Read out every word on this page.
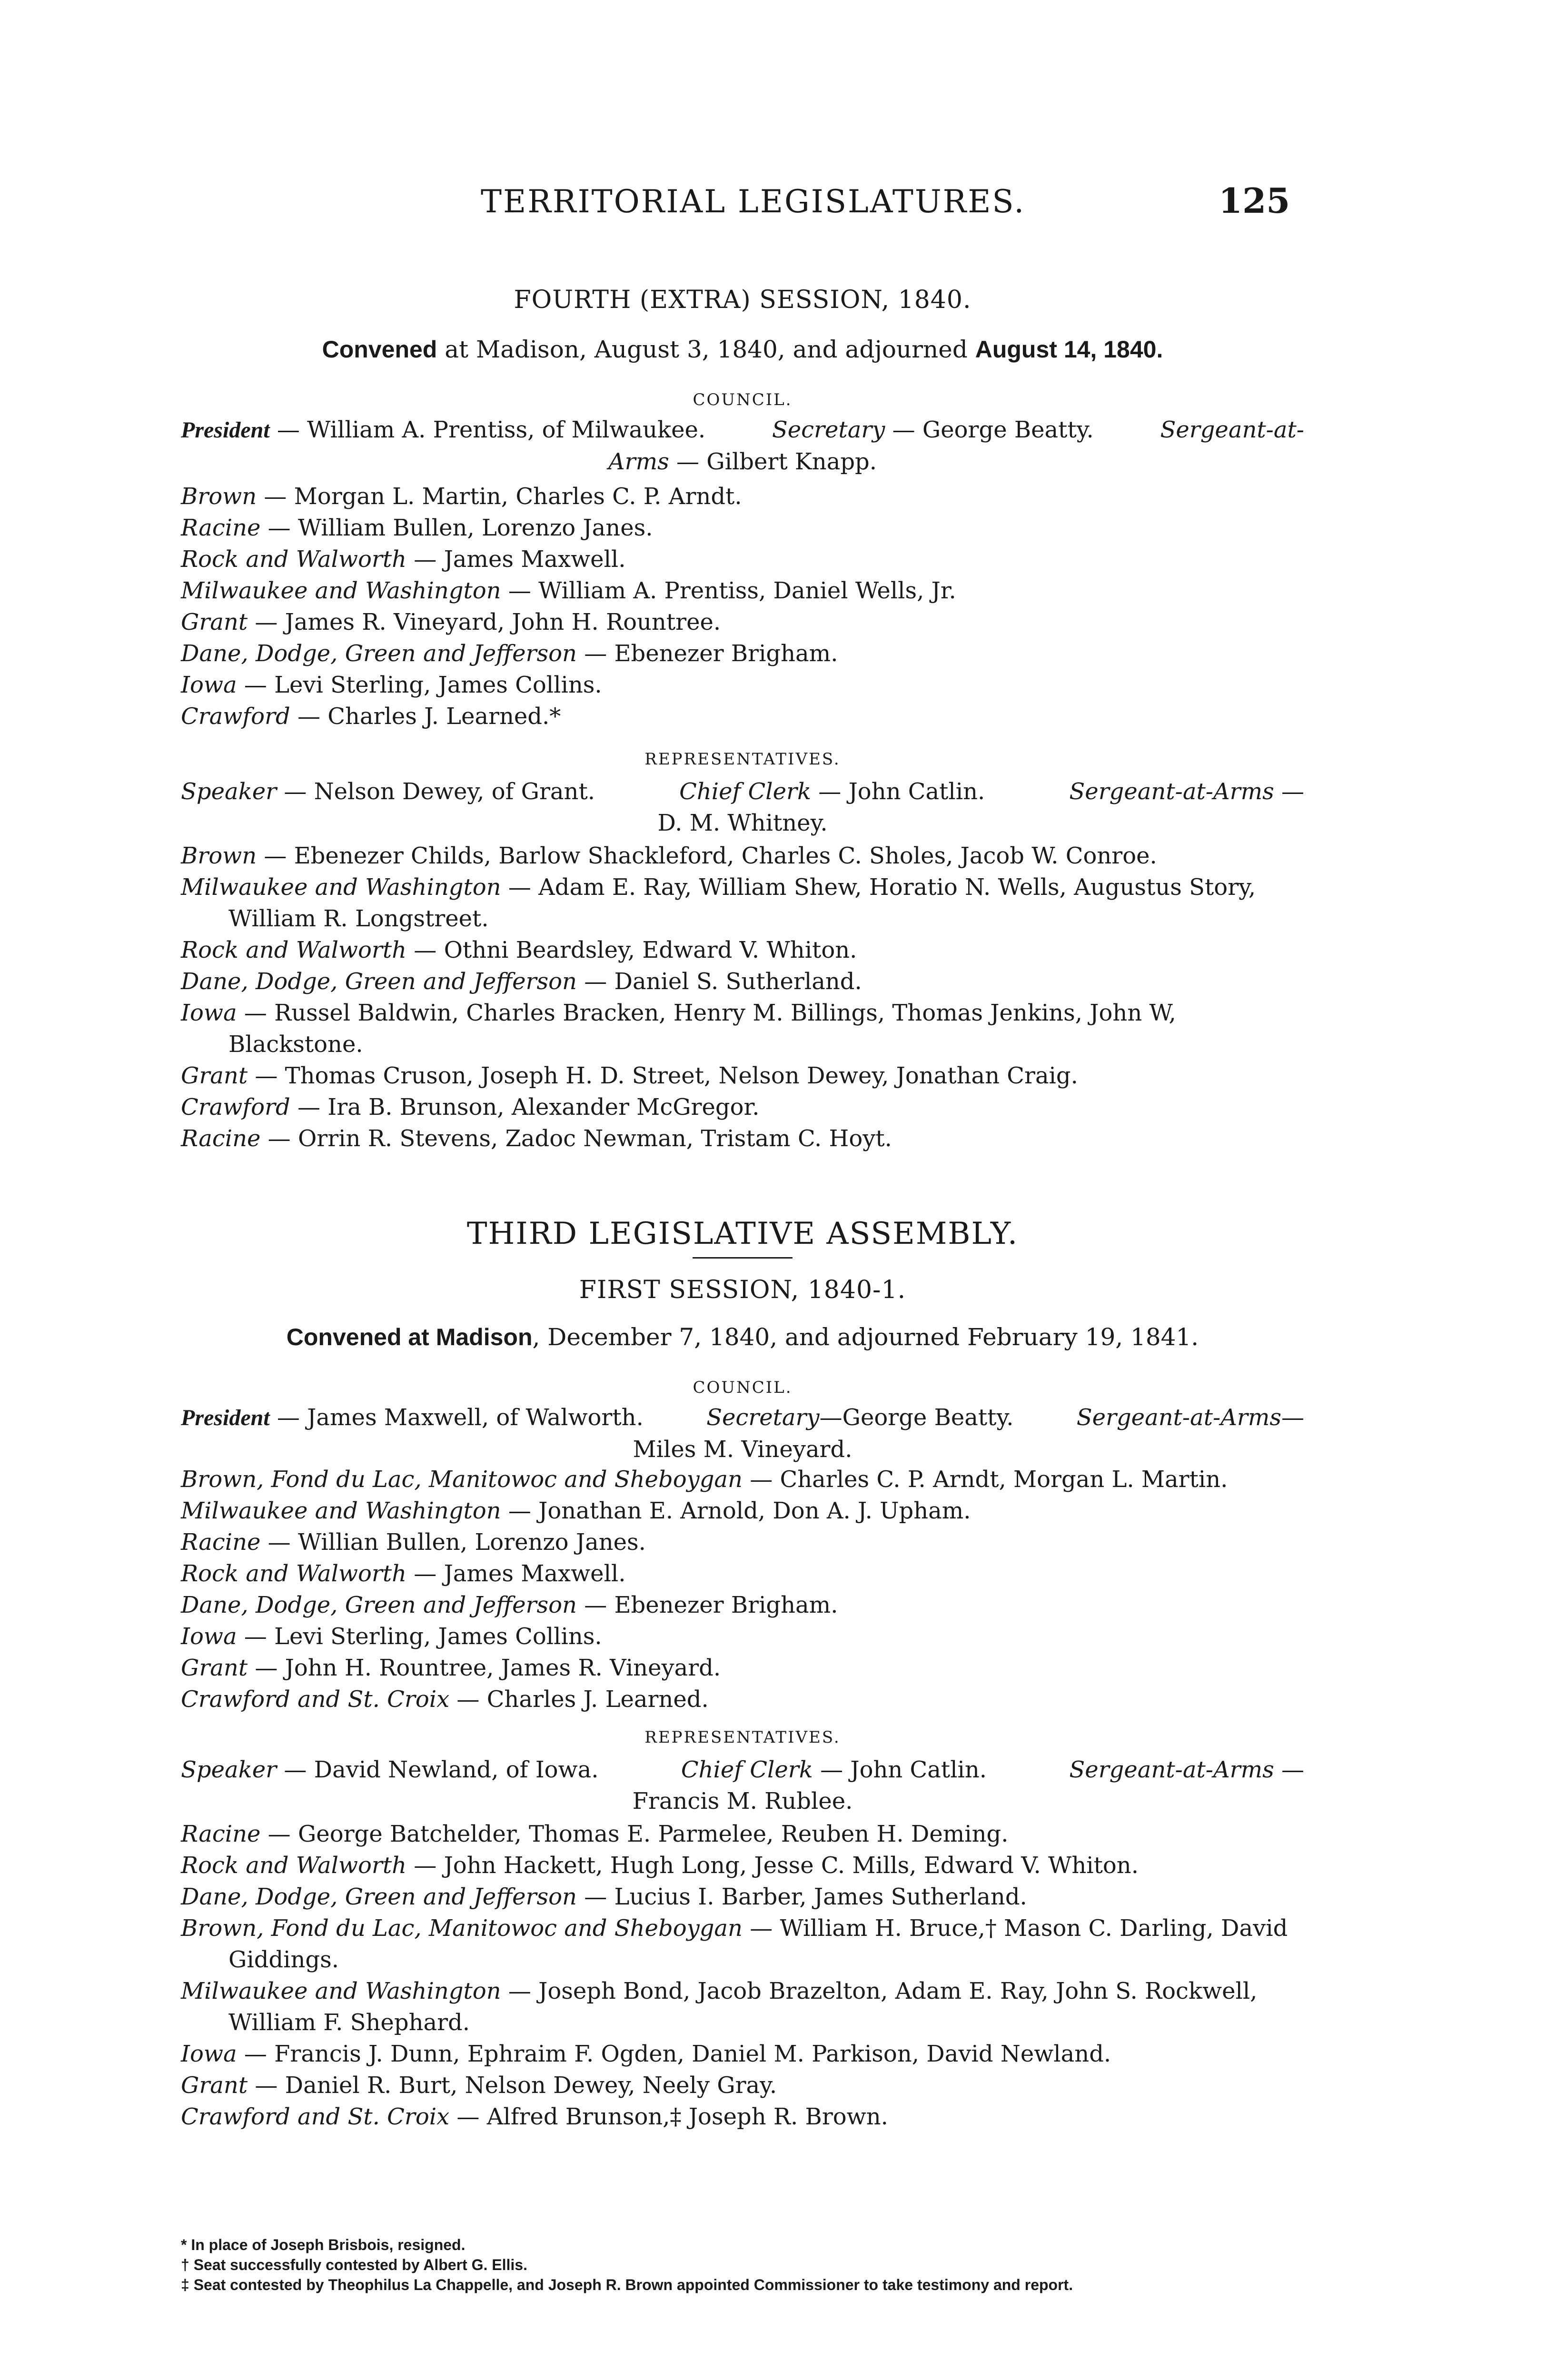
TERRITORIAL LEGISLATURES.	125
FOURTH (EXTRA) SESSION, 1840.
Convened at Madison, August 3, 1840, and adjourned August 14, 1840.
COUNCIL.
President — William A. Prentiss, of Milwaukee.	Secretary — George Beatty.	Sergeant-at-
Arms — Gilbert Knapp.
Brown — Morgan L. Martin, Charles C. P. Arndt.
Racine — William Bullen, Lorenzo Janes.
Rock and Walworth — James Maxwell.
Milwaukee and Washington — William A. Prentiss, Daniel Wells, Jr.
Grant — James R. Vineyard, John H. Rountree.
Dane, Dodge, Green and Jefferson — Ebenezer Brigham.
Iowa — Levi Sterling, James Collins.
Crawford — Charles J. Learned.*
REPRESENTATIVES.
Speaker — Nelson Dewey, of Grant.	Chief Clerk — John Catlin.	Sergeant-at-Arms —
D. M. Whitney.
Brown — Ebenezer Childs, Barlow Shackleford, Charles C. Sholes, Jacob W. Conroe.
Milwaukee and Washington — Adam E. Ray, William Shew, Horatio N. Wells, Augustus Story, William R. Longstreet.
Rock and Walworth — Othni Beardsley, Edward V. Whiton.
Dane, Dodge, Green and Jefferson — Daniel S. Sutherland.
Iowa — Russel Baldwin, Charles Bracken, Henry M. Billings, Thomas Jenkins, John W, Blackstone.
Grant — Thomas Cruson, Joseph H. D. Street, Nelson Dewey, Jonathan Craig.
Crawford — Ira B. Brunson, Alexander McGregor.
Racine — Orrin R. Stevens, Zadoc Newman, Tristam C. Hoyt.
THIRD LEGISLATIVE ASSEMBLY.
FIRST SESSION, 1840-1.
Convened at Madison, December 7, 1840, and adjourned February 19, 1841.
COUNCIL.
President — James Maxwell, of Walworth.	Secretary—George Beatty.	Sergeant-at-Arms—
Miles M. Vineyard.
Brown, Fond du Lac, Manitowoc and Sheboygan — Charles C. P. Arndt, Morgan L. Martin.
Milwaukee and Washington — Jonathan E. Arnold, Don A. J. Upham.
Racine — Willian Bullen, Lorenzo Janes.
Rock and Walworth — James Maxwell.
Dane, Dodge, Green and Jefferson — Ebenezer Brigham.
Iowa — Levi Sterling, James Collins.
Grant — John H. Rountree, James R. Vineyard.
Crawford and St. Croix — Charles J. Learned.
REPRESENTATIVES.
Speaker — David Newland, of Iowa.	Chief Clerk — John Catlin.	Sergeant-at-Arms —
Francis M. Rublee.
Racine — George Batchelder, Thomas E. Parmelee, Reuben H. Deming.
Rock and Walworth — John Hackett, Hugh Long, Jesse C. Mills, Edward V. Whiton.
Dane, Dodge, Green and Jefferson — Lucius I. Barber, James Sutherland.
Brown, Fond du Lac, Manitowoc and Sheboygan — William H. Bruce,† Mason C. Darling, David Giddings.
Milwaukee and Washington — Joseph Bond, Jacob Brazelton, Adam E. Ray, John S. Rockwell, William F. Shephard.
Iowa — Francis J. Dunn, Ephraim F. Ogden, Daniel M. Parkison, David Newland.
Grant — Daniel R. Burt, Nelson Dewey, Neely Gray.
Crawford and St. Croix — Alfred Brunson,‡ Joseph R. Brown.
* In place of Joseph Brisbois, resigned.
† Seat successfully contested by Albert G. Ellis.
‡ Seat contested by Theophilus La Chappelle, and Joseph R. Brown appointed Commissioner to take testimony and report.
